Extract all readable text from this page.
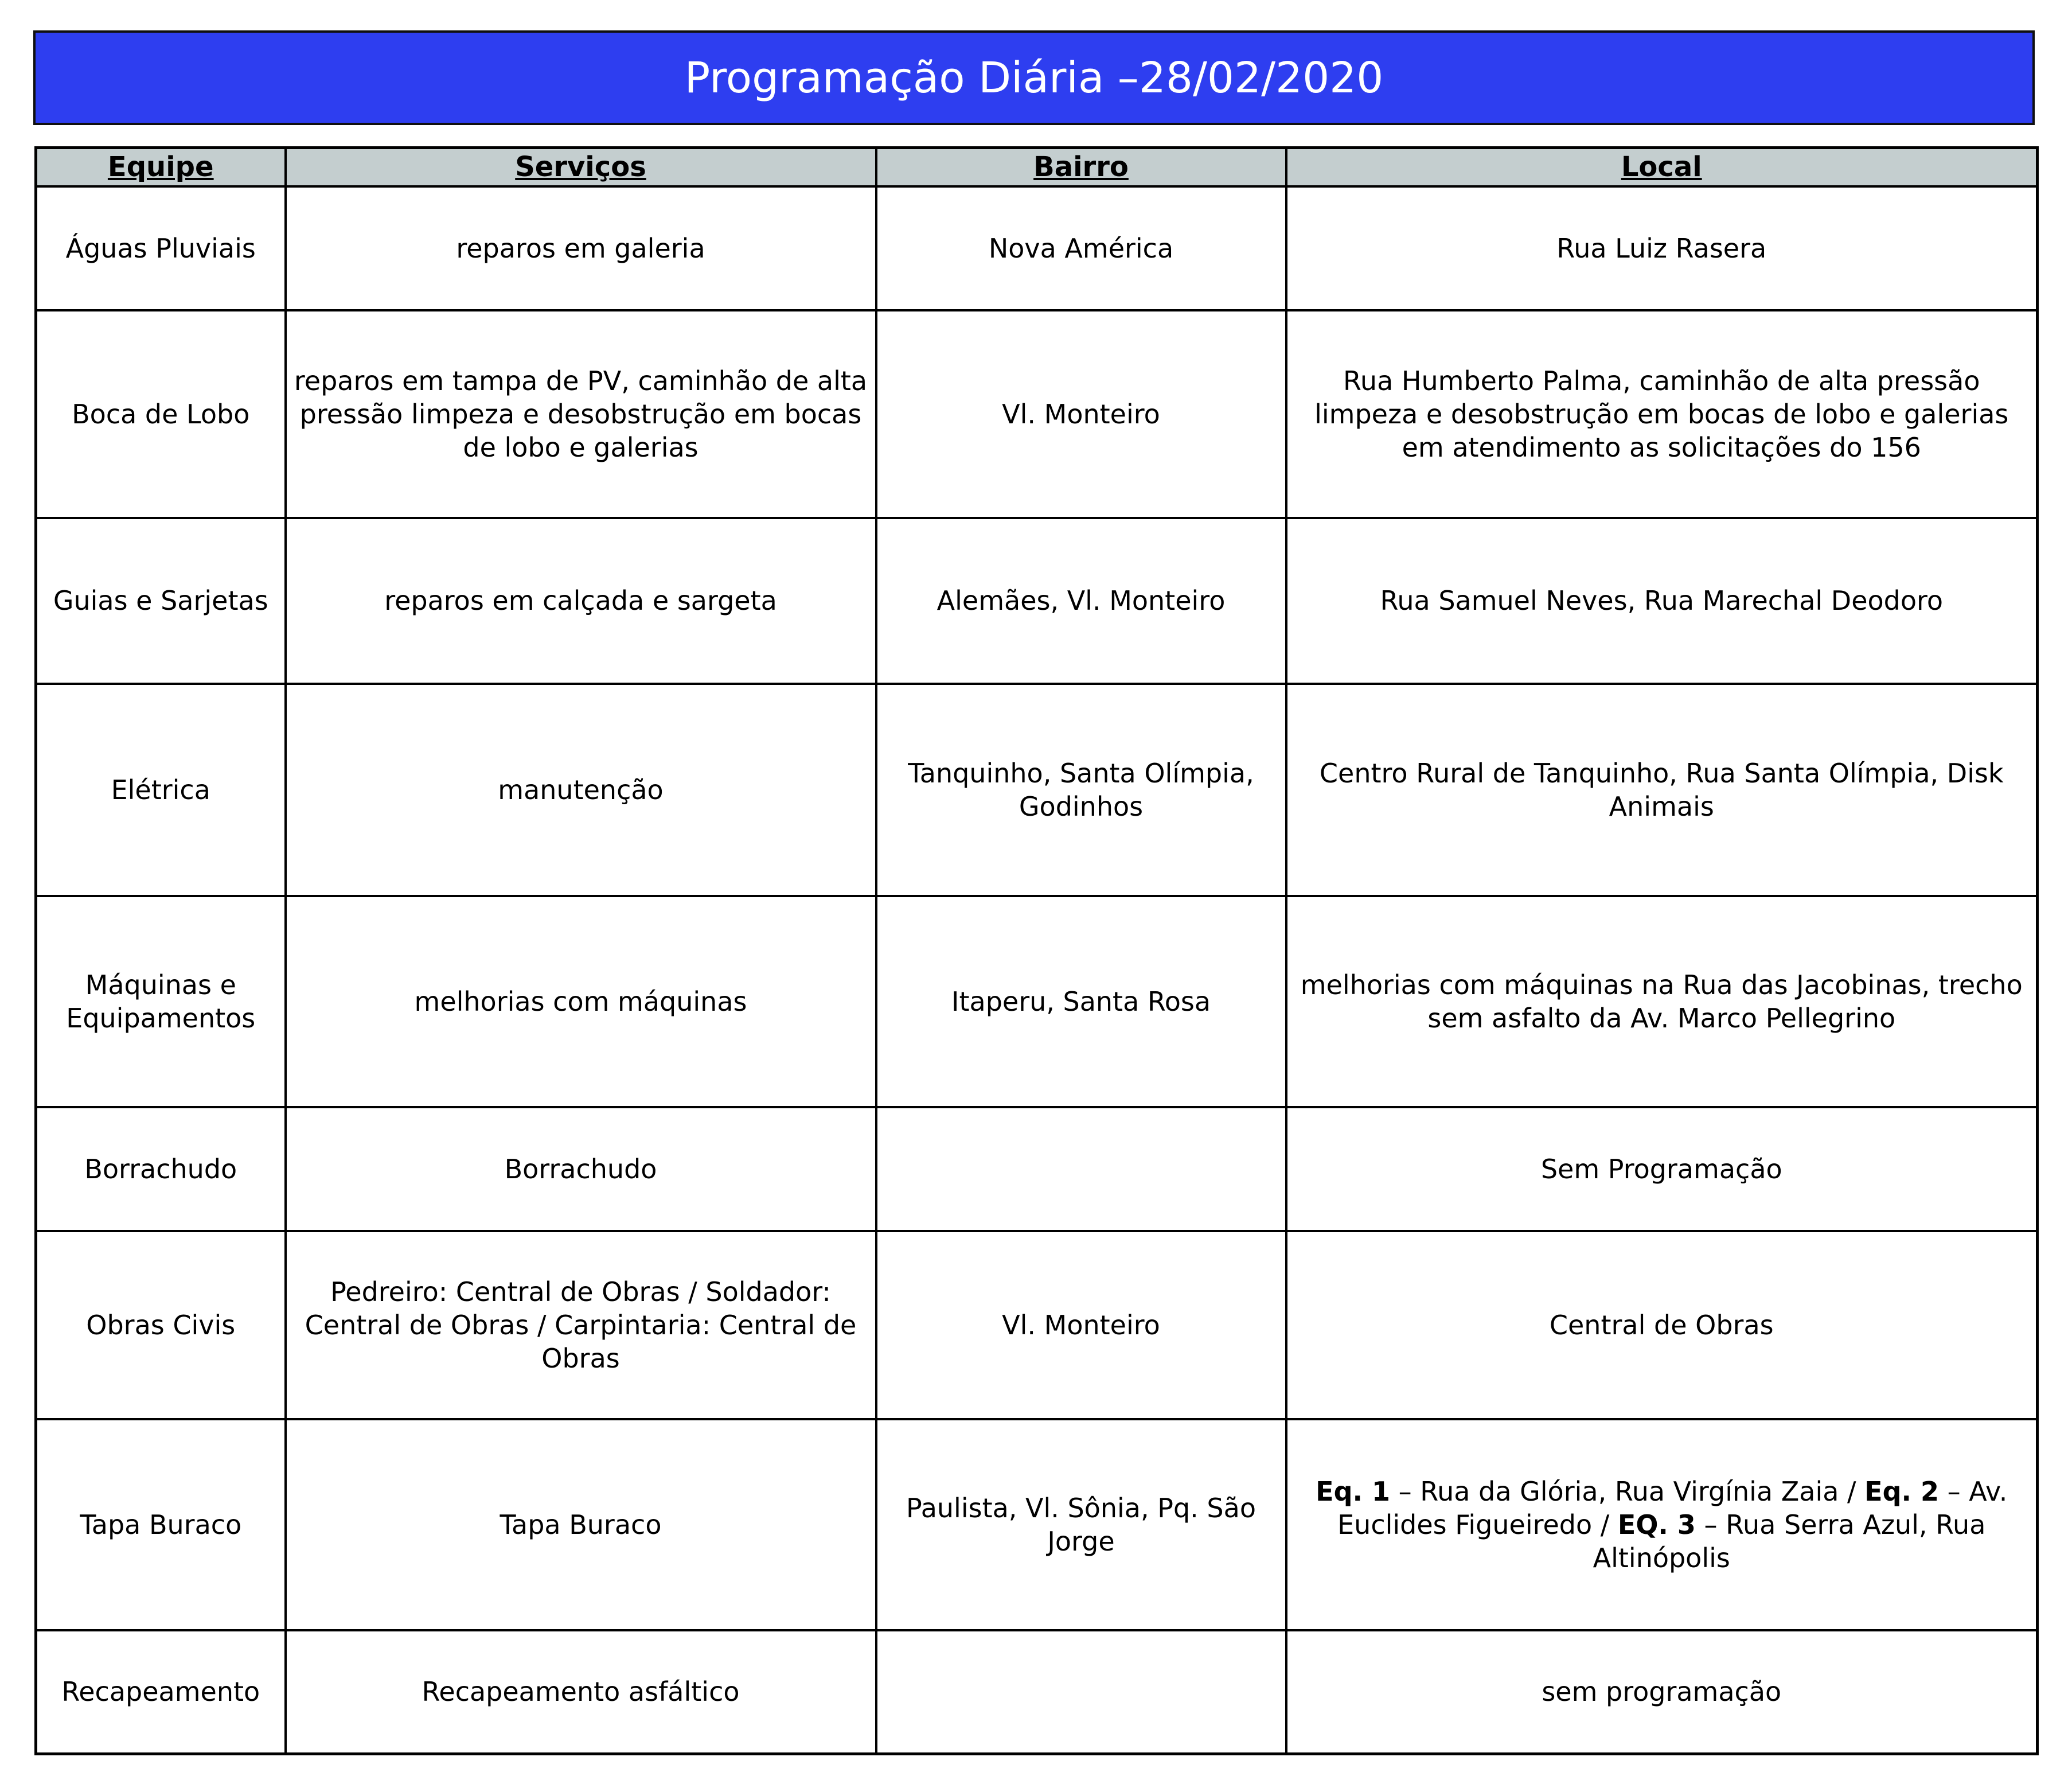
Programação Diária – 28/02/2020
Equipe	Serviços	Bairro	Local
Águas Pluviais	reparos em galeria	Nova América	Rua Luiz Rasera
Boca de Lobo	reparos em tampa de PV, caminhão de alta pressão limpeza e desobstrução em bocas de lobo e galerias	Vl. Monteiro	Rua Humberto Palma, caminhão de alta pressão limpeza e desobstrução em bocas de lobo e galerias em atendimento as solicitações do 156
Guias e Sarjetas	reparos em calçada e sargeta	Alemães, Vl. Monteiro	Rua Samuel Neves, Rua Marechal Deodoro
Elétrica	manutenção	Tanquinho, Santa Olímpia, Godinhos	Centro Rural de Tanquinho, Rua Santa Olímpia, Disk Animais
Máquinas e Equipamentos	melhorias com máquinas	Itaperu, Santa Rosa	melhorias com máquinas na Rua das Jacobinas, trecho sem asfalto da Av. Marco Pellegrino
Borrachudo	Borrachudo		Sem Programação
Obras Civis	Pedreiro: Central de Obras / Soldador: Central de Obras / Carpintaria: Central de Obras	Vl. Monteiro	Central de Obras
Tapa Buraco	Tapa Buraco	Paulista, Vl. Sônia, Pq. São Jorge	Eq. 1 – Rua da Glória, Rua Virgínia Zaia / Eq. 2 – Av. Euclides Figueiredo / EQ. 3 – Rua Serra Azul, Rua Altinópolis
Recapeamento	Recapeamento asfáltico		sem programação
